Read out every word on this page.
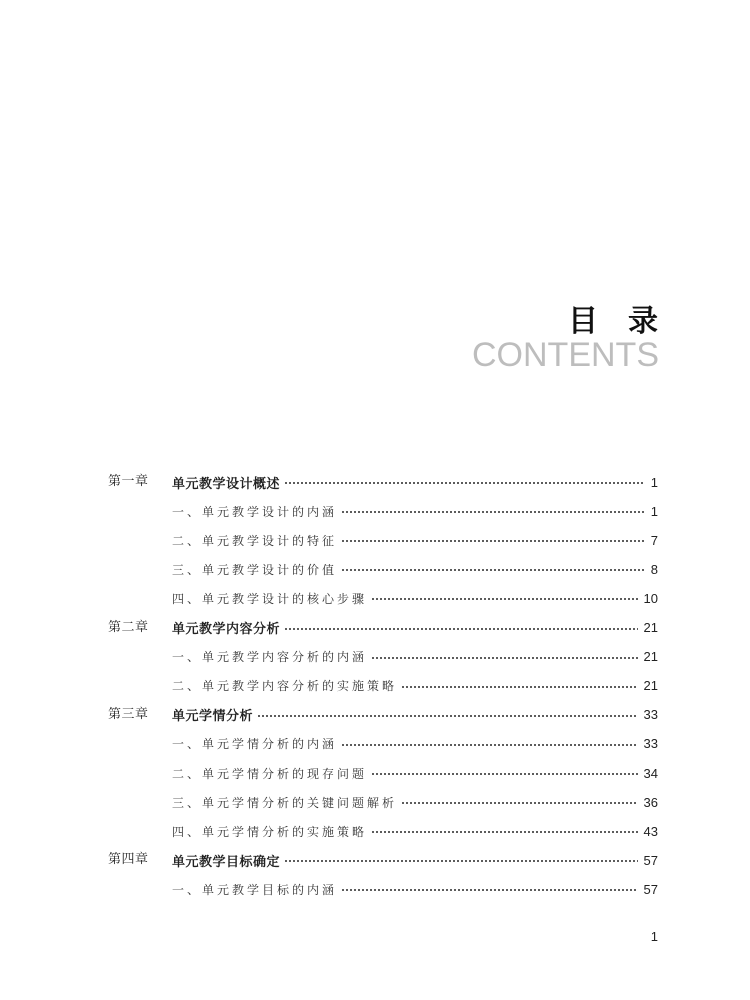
目录
CONTENTS
第一章 单元教学设计概述	1
一、单元教学设计的内涵	1
二、单元教学设计的特征	7
三、单元教学设计的价值	8
四、单元教学设计的核心步骤	10
第二章 单元教学内容分析	21
一、单元教学内容分析的内涵	21
二、单元教学内容分析的实施策略	21
第三章 单元学情分析	33
一、单元学情分析的内涵	33
二、单元学情分析的现存问题	34
三、单元学情分析的关键问题解析	36
四、单元学情分析的实施策略	43
第四章 单元教学目标确定	57
一、单元教学目标的内涵	57
1
